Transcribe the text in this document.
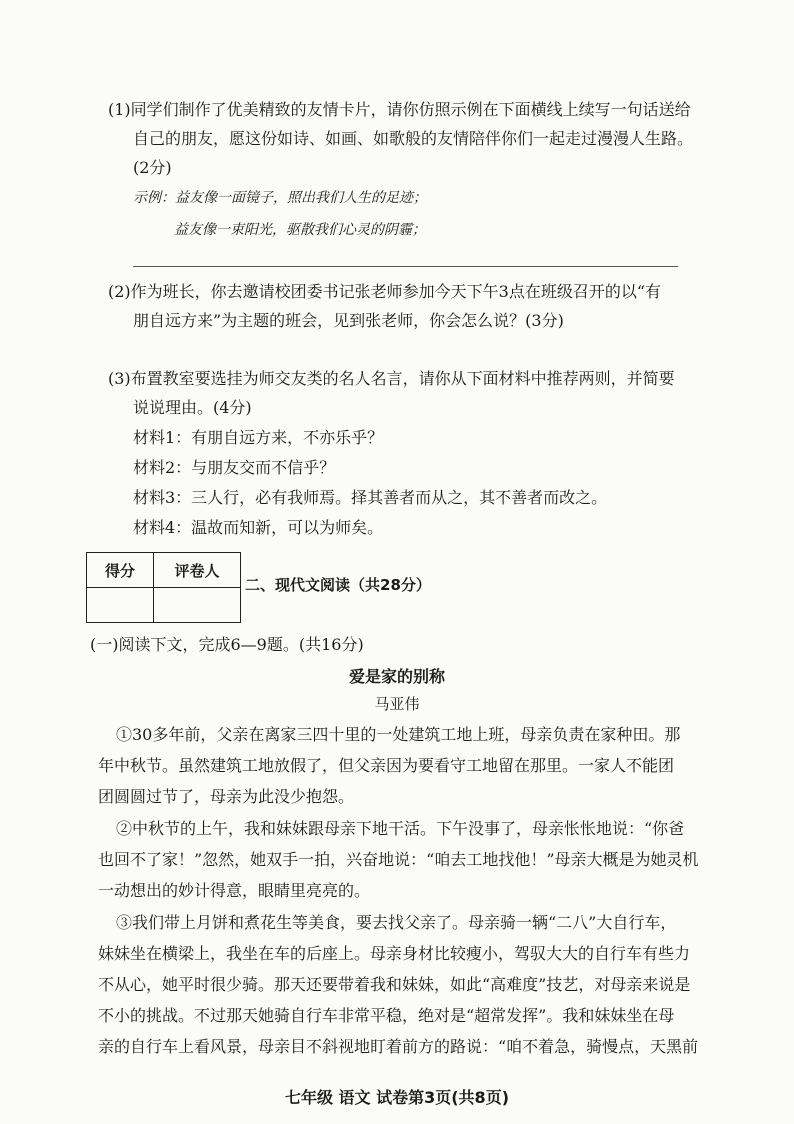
(1)同学们制作了优美精致的友情卡片，请你仿照示例在下面横线上续写一句话送给
自己的朋友，愿这份如诗、如画、如歌般的友情陪伴你们一起走过漫漫人生路。
(2分)
示例：益友像一面镜子，照出我们人生的足迹；
益友像一束阳光，驱散我们心灵的阴霾；
(2)作为班长，你去邀请校团委书记张老师参加今天下午3点在班级召开的以“有
朋自远方来”为主题的班会，见到张老师，你会怎么说？(3分)
(3)布置教室要选挂为师交友类的名人名言，请你从下面材料中推荐两则，并简要
说说理由。(4分)
材料1：有朋自远方来，不亦乐乎？
材料2：与朋友交而不信乎？
材料3：三人行，必有我师焉。择其善者而从之，其不善者而改之。
材料4：温故而知新，可以为师矣。
得分	评卷人

二、现代文阅读（共28分）
(一)阅读下文，完成6—9题。(共16分)
爱是家的别称
马亚伟

①30多年前，父亲在离家三四十里的一处建筑工地上班，母亲负责在家种田。那

年中秋节。虽然建筑工地放假了，但父亲因为要看守工地留在那里。一家人不能团

团圆圆过节了，母亲为此没少抱怨。

②中秋节的上午，我和妹妹跟母亲下地干活。下午没事了，母亲怅怅地说：“你爸

也回不了家！”忽然，她双手一拍，兴奋地说：“咱去工地找他！”母亲大概是为她灵机

一动想出的妙计得意，眼睛里亮亮的。

③我们带上月饼和煮花生等美食，要去找父亲了。母亲骑一辆“二八”大自行车，

妹妹坐在横梁上，我坐在车的后座上。母亲身材比较瘦小，驾驭大大的自行车有些力

不从心，她平时很少骑。那天还要带着我和妹妹，如此“高难度”技艺，对母亲来说是

不小的挑战。不过那天她骑自行车非常平稳，绝对是“超常发挥”。我和妹妹坐在母

亲的自行车上看风景，母亲目不斜视地盯着前方的路说：“咱不着急，骑慢点，天黑前

七年级 语文 试卷第3页(共8页)
